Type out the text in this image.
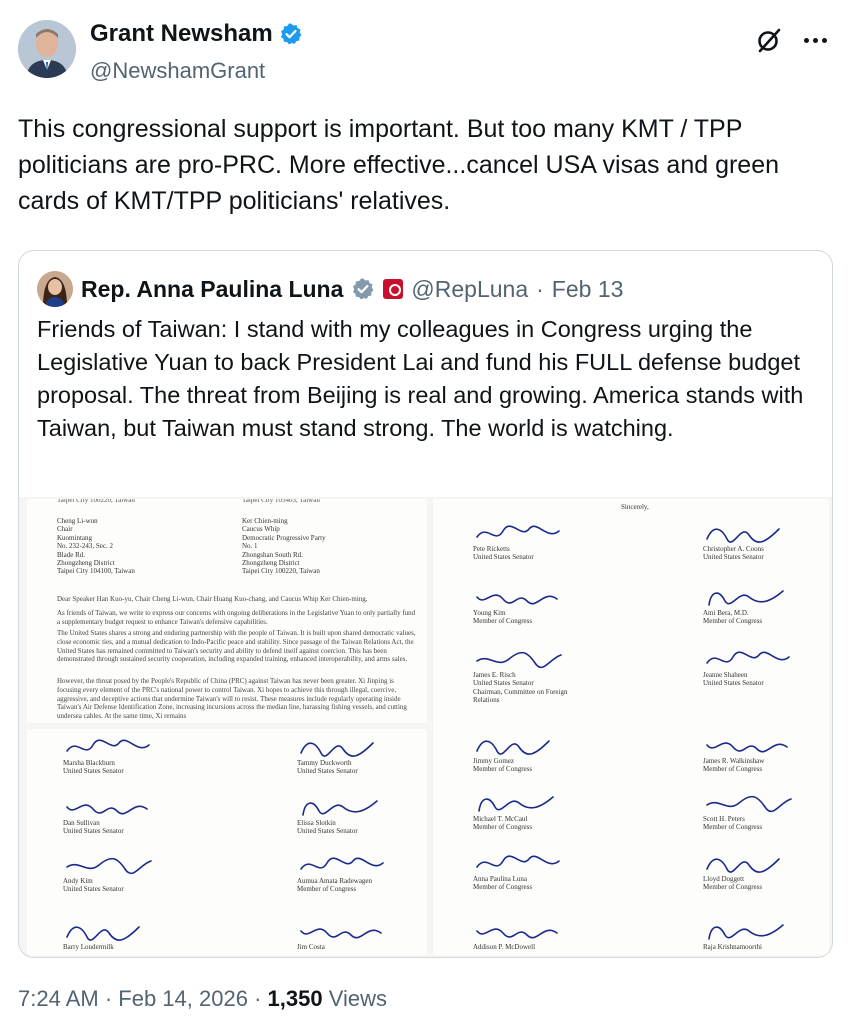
Grant Newsham
@NewshamGrant
This congressional support is important. But too many KMT / TPP politicians are pro-PRC. More effective...cancel USA visas and green cards of KMT/TPP politicians' relatives.
Rep. Anna Paulina Luna	@RepLuna · Feb 13
Friends of Taiwan: I stand with my colleagues in Congress urging the Legislative Yuan to back President Lai and fund his FULL defense budget proposal. The threat from Beijing is real and growing. America stands with Taiwan, but Taiwan must stand strong. The world is watching.
Taipei City 100220, Taiwan	Taipei City 105403, Taiwan
Cheng Li-wun
Chair
Kuomintang
No. 232-243, Sec. 2
Blade Rd.
Zhongzheng District
Taipei City 104100, Taiwan
Ker Chien-ming
Caucus Whip
Democratic Progressive Party
No. 1
Zhongshan South Rd.
Zhongzheng District
Taipei City 100220, Taiwan
Dear Speaker Han Kuo-yu, Chair Cheng Li-wun, Chair Huang Kuo-chang, and Caucus Whip Ker Chien-ming,
As friends of Taiwan, we write to express our concerns with ongoing deliberations in the Legislative Yuan to only partially fund a supplementary budget request to enhance Taiwan's defensive capabilities.
The United States shares a strong and enduring partnership with the people of Taiwan. It is built upon shared democratic values, close economic ties, and a mutual dedication to Indo-Pacific peace and stability. Since passage of the Taiwan Relations Act, the United States has remained committed to Taiwan's security and ability to defend itself against coercion. This has been demonstrated through sustained security cooperation, including expanded training, enhanced interoperability, and arms sales.
However, the threat posed by the People's Republic of China (PRC) against Taiwan has never been greater. Xi Jinping is focusing every element of the PRC's national power to control Taiwan. Xi hopes to achieve this through illegal, coercive, aggressive, and deceptive actions that undermine Taiwan's will to resist. These measures include regularly operating inside Taiwan's Air Defense Identification Zone, increasing incursions across the median line, harassing fishing vessels, and cutting undersea cables. At the same time, Xi remains
Marsha Blackburn
United States Senator
Tammy Duckworth
United States Senator
Dan Sullivan
United States Senator
Elissa Slotkin
United States Senator
Andy Kim
United States Senator
Aumua Amata Radewagen
Member of Congress
Barry Loudermilk	Jim Costa
Sincerely,
Pete Ricketts
United States Senator
Christopher A. Coons
United States Senator
Young Kim
Member of Congress
Ami Bera, M.D.
Member of Congress
James E. Risch
United States Senator
Chairman, Committee on Foreign
Relations
Jeanne Shaheen
United States Senator
Jimmy Gomez
Member of Congress
James R. Walkinshaw
Member of Congress
Michael T. McCaul
Member of Congress
Scott H. Peters
Member of Congress
Anna Paulina Luna
Member of Congress
Lloyd Doggett
Member of Congress
Addison P. McDowell	Raja Krishnamoorthi
7:24 AM · Feb 14, 2026 · 1,350 Views
